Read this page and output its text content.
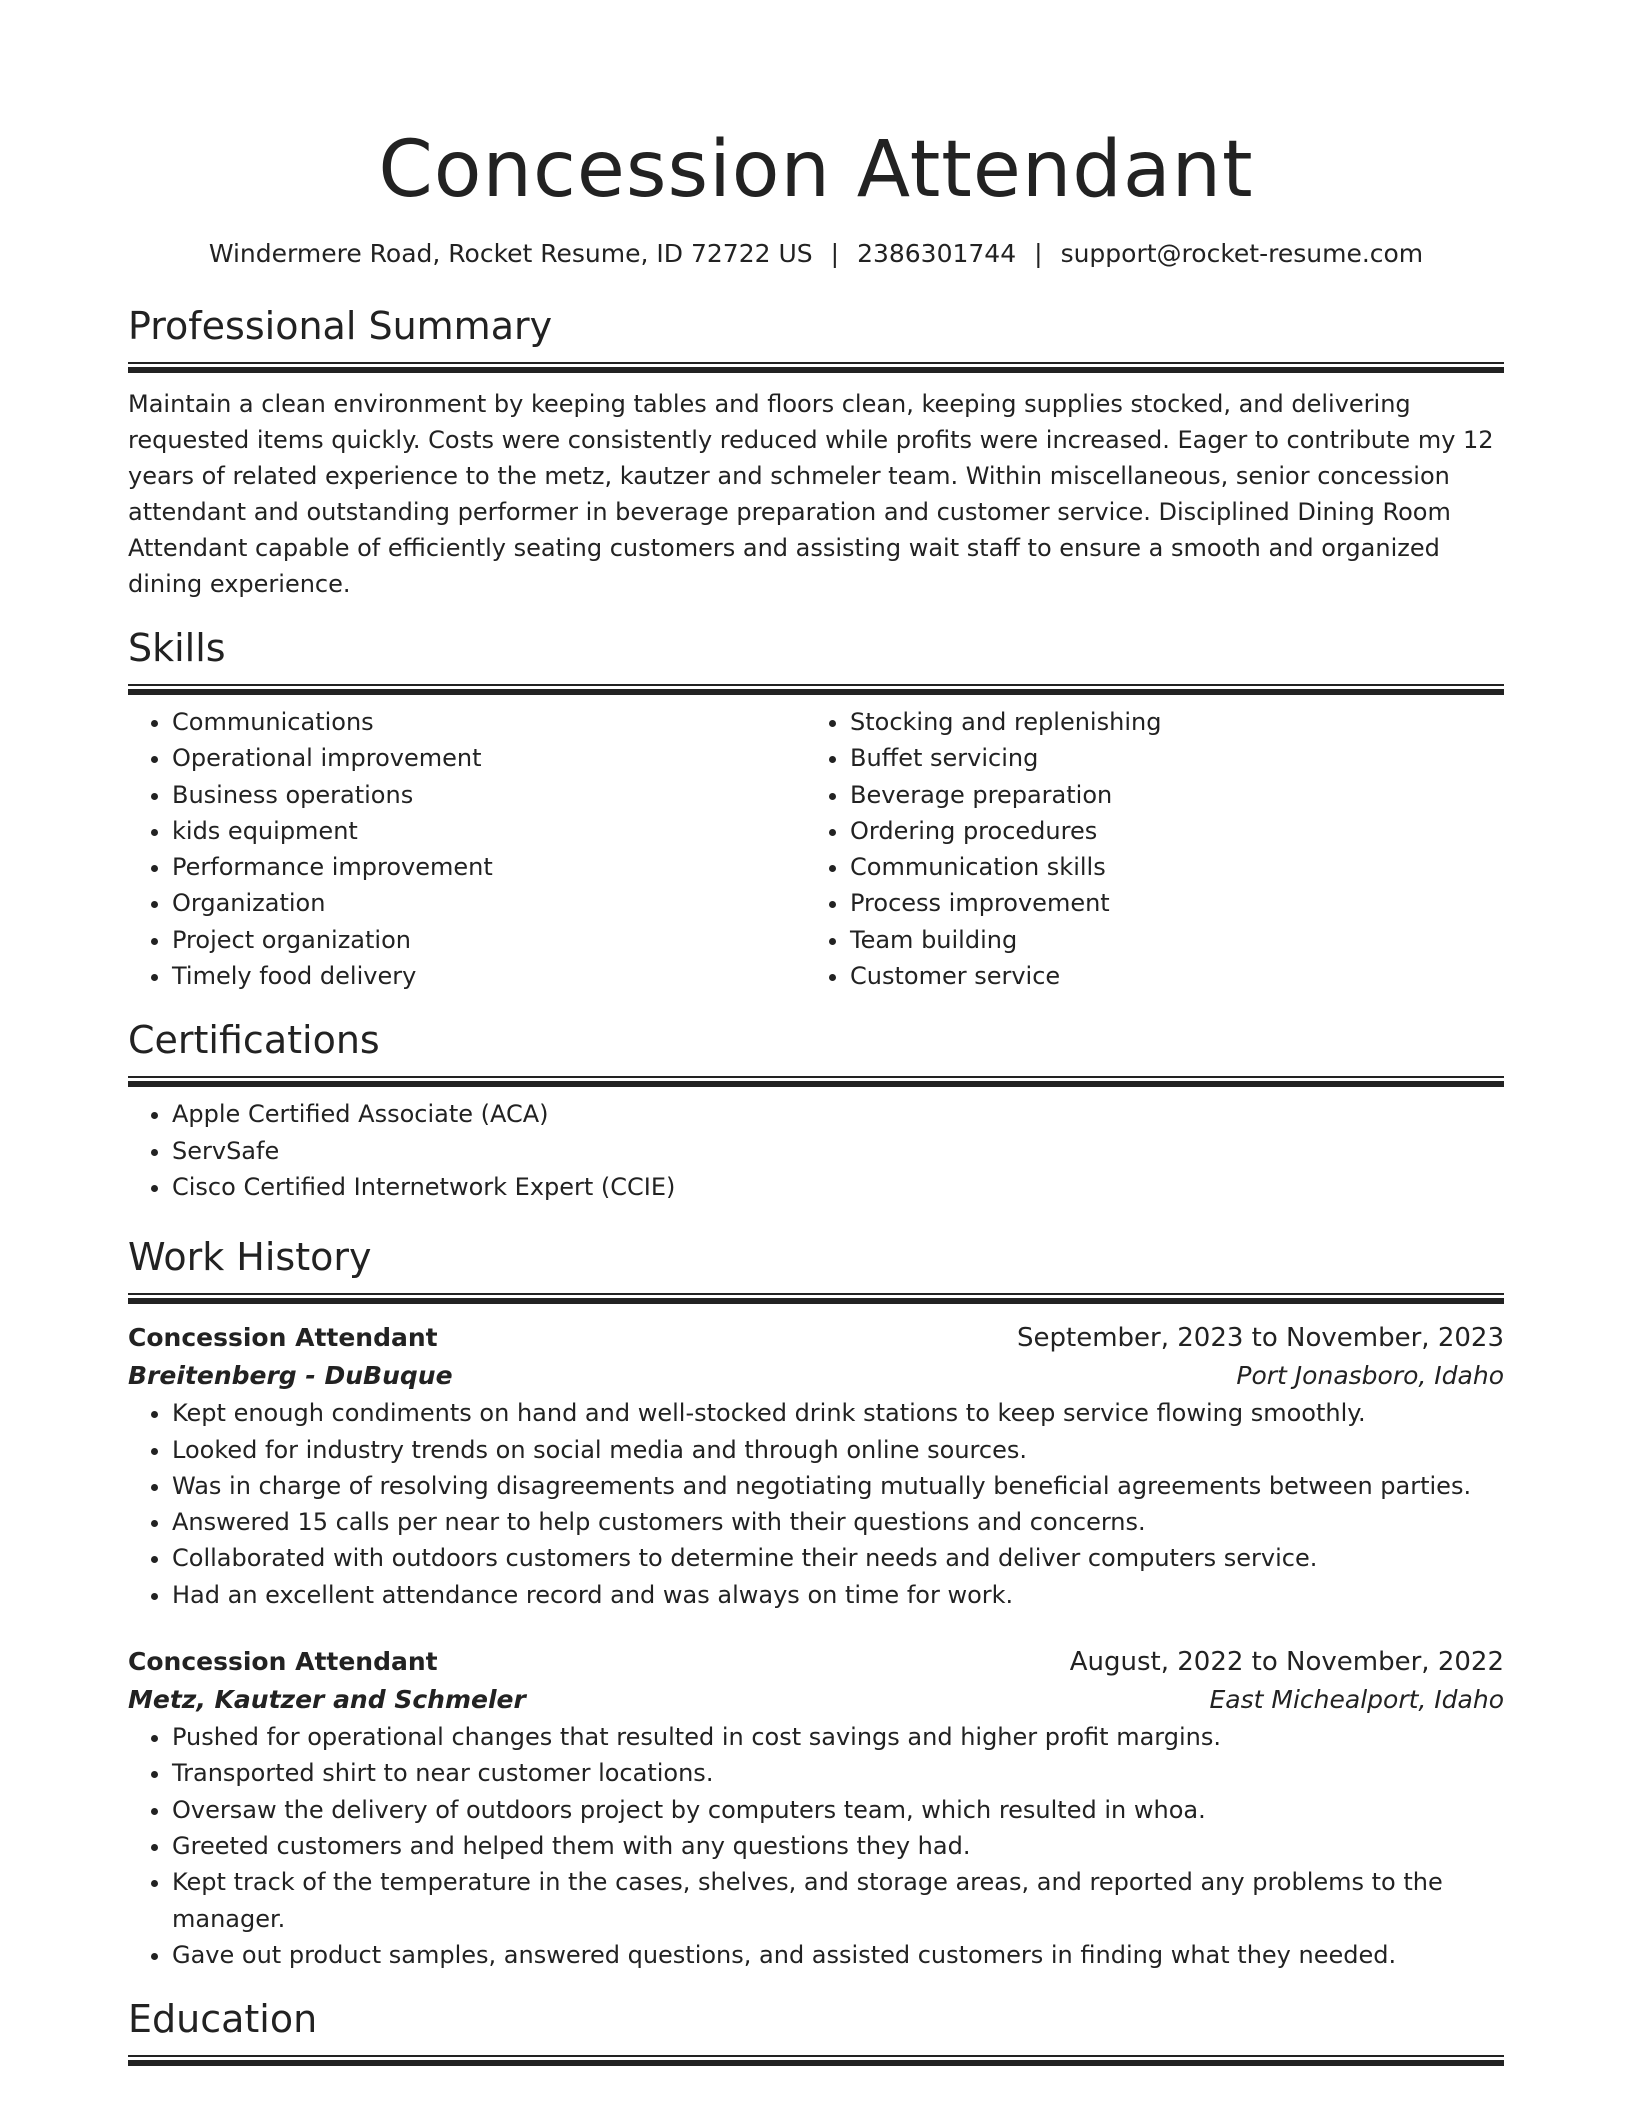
Concession Attendant
Windermere Road, Rocket Resume, ID 72722 US | 2386301744 | support@rocket-resume.com
Professional Summary
Maintain a clean environment by keeping tables and floors clean, keeping supplies stocked, and delivering requested items quickly. Costs were consistently reduced while profits were increased. Eager to contribute my 12 years of related experience to the metz, kautzer and schmeler team. Within miscellaneous, senior concession attendant and outstanding performer in beverage preparation and customer service. Disciplined Dining Room Attendant capable of efficiently seating customers and assisting wait staff to ensure a smooth and organized dining experience.
Skills
• Communications
• Operational improvement
• Business operations
• kids equipment
• Performance improvement
• Organization
• Project organization
• Timely food delivery
• Stocking and replenishing
• Buffet servicing
• Beverage preparation
• Ordering procedures
• Communication skills
• Process improvement
• Team building
• Customer service
Certifications
• Apple Certified Associate (ACA)
• ServSafe
• Cisco Certified Internetwork Expert (CCIE)
Work History
Concession Attendant	September, 2023 to November, 2023
Breitenberg - DuBuque	Port Jonasboro, Idaho
• Kept enough condiments on hand and well-stocked drink stations to keep service flowing smoothly.
• Looked for industry trends on social media and through online sources.
• Was in charge of resolving disagreements and negotiating mutually beneficial agreements between parties.
• Answered 15 calls per near to help customers with their questions and concerns.
• Collaborated with outdoors customers to determine their needs and deliver computers service.
• Had an excellent attendance record and was always on time for work.
Concession Attendant	August, 2022 to November, 2022
Metz, Kautzer and Schmeler	East Michealport, Idaho
• Pushed for operational changes that resulted in cost savings and higher profit margins.
• Transported shirt to near customer locations.
• Oversaw the delivery of outdoors project by computers team, which resulted in whoa.
• Greeted customers and helped them with any questions they had.
• Kept track of the temperature in the cases, shelves, and storage areas, and reported any problems to the manager.
• Gave out product samples, answered questions, and assisted customers in finding what they needed.
Education
